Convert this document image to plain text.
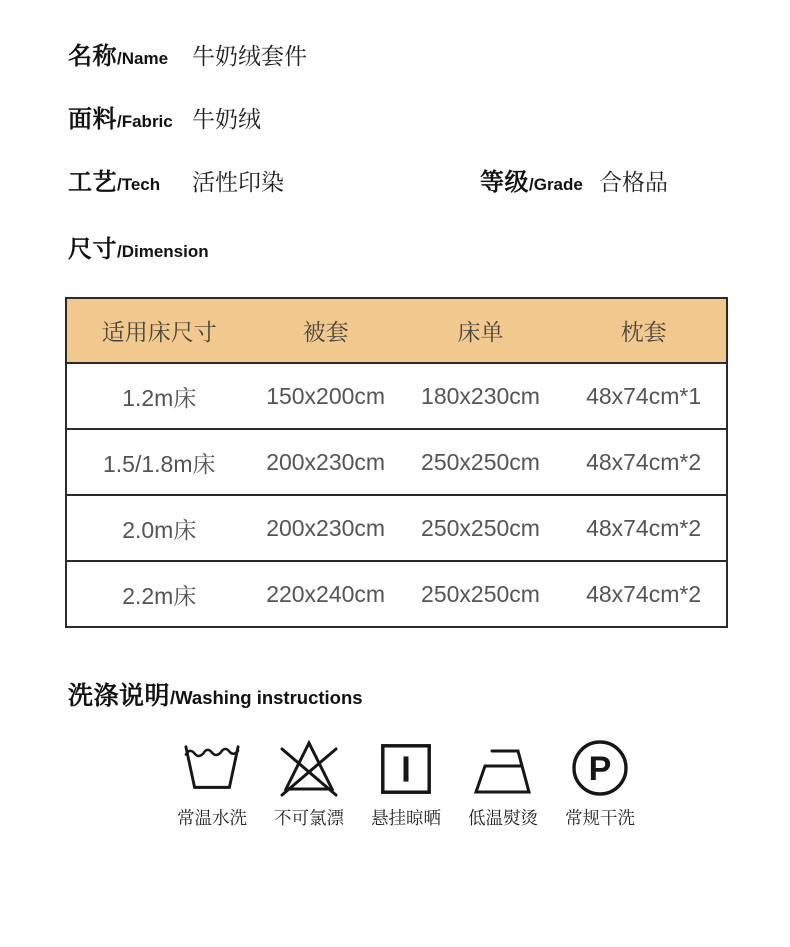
名称 /Name 牛奶绒套件
面料 /Fabric 牛奶绒
工艺 /Tech 活性印染	等级 /Grade 合格品
尺寸 /Dimension
适用床尺寸	被套	床单	枕套
1.2m床	150x200cm	180x230cm	48x74cm*1
1.5/1.8m床	200x230cm	250x250cm	48x74cm*2
2.0m床	200x230cm	250x250cm	48x74cm*2
2.2m床	220x240cm	250x250cm	48x74cm*2
洗涤说明 /Washing instructions
常温水洗 不可氯漂 悬挂晾晒 低温熨烫
P
常规干洗
